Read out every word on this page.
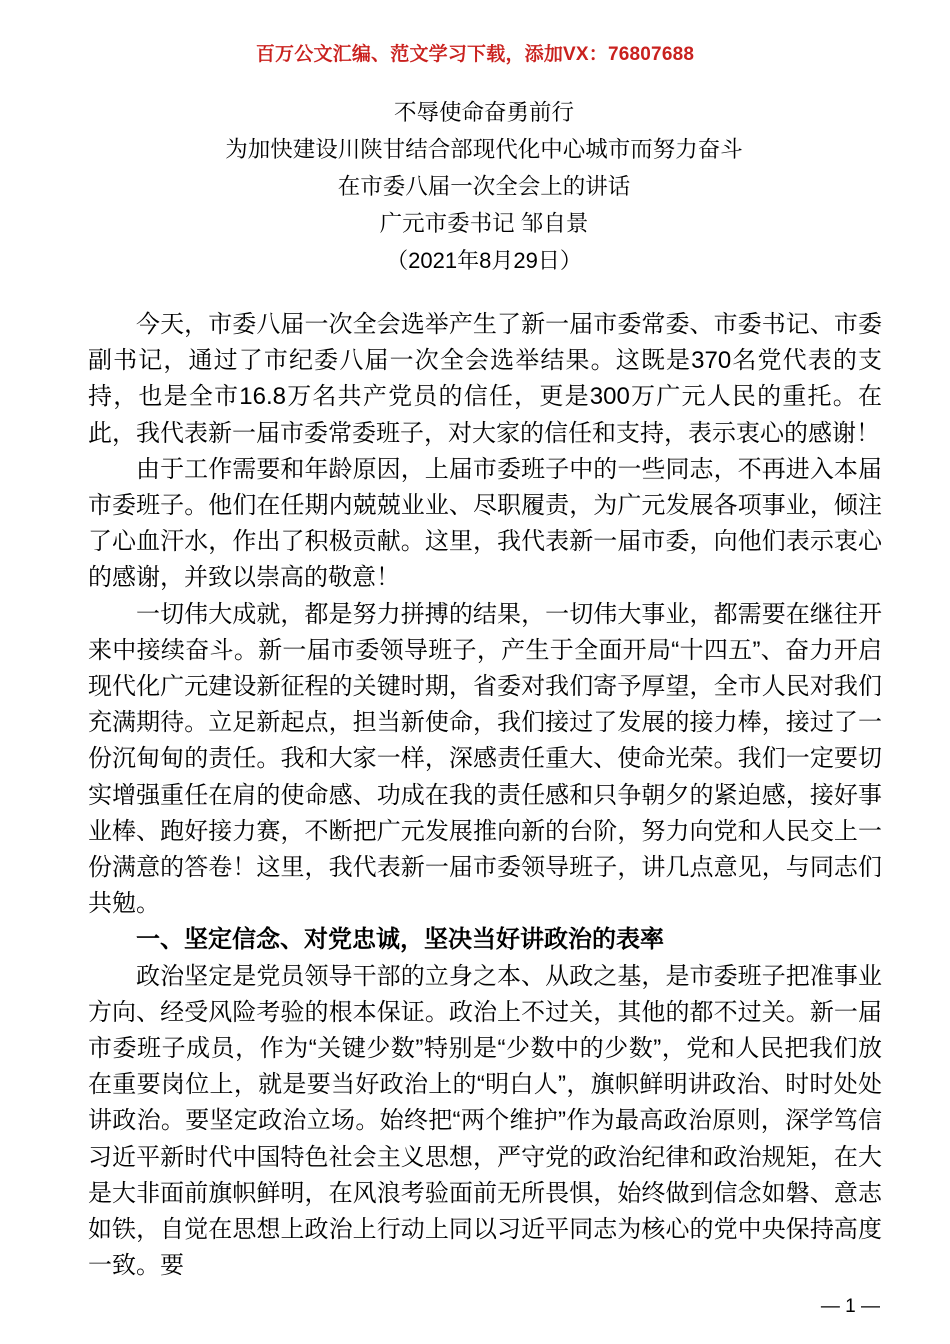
百万公文汇编、范文学习下载，添加VX：76807688
不辱使命奋勇前行
为加快建设川陕甘结合部现代化中心城市而努力奋斗
在市委八届一次全会上的讲话
广元市委书记 邹自景
（2021年8月29日）

今天，市委八届一次全会选举产生了新一届市委常委、市委书记、市委副书记，通过了市纪委八届一次全会选举结果。这既是370名党代表的支持，也是全市16.8万名共产党员的信任，更是300万广元人民的重托。在此，我代表新一届市委常委班子，对大家的信任和支持，表示衷心的感谢！

由于工作需要和年龄原因，上届市委班子中的一些同志，不再进入本届市委班子。他们在任期内兢兢业业、尽职履责，为广元发展各项事业，倾注了心血汗水，作出了积极贡献。这里，我代表新一届市委，向他们表示衷心的感谢，并致以崇高的敬意！

一切伟大成就，都是努力拼搏的结果，一切伟大事业，都需要在继往开来中接续奋斗。新一届市委领导班子，产生于全面开局“十四五”、奋力开启现代化广元建设新征程的关键时期，省委对我们寄予厚望，全市人民对我们充满期待。立足新起点，担当新使命，我们接过了发展的接力棒，接过了一份沉甸甸的责任。我和大家一样，深感责任重大、使命光荣。我们一定要切实增强重任在肩的使命感、功成在我的责任感和只争朝夕的紧迫感，接好事业棒、跑好接力赛，不断把广元发展推向新的台阶，努力向党和人民交上一份满意的答卷！这里，我代表新一届市委领导班子，讲几点意见，与同志们共勉。

一、坚定信念、对党忠诚，坚决当好讲政治的表率

政治坚定是党员领导干部的立身之本、从政之基，是市委班子把准事业方向、经受风险考验的根本保证。政治上不过关，其他的都不过关。新一届市委班子成员，作为“关键少数”特别是“少数中的少数”，党和人民把我们放在重要岗位上，就是要当好政治上的“明白人”，旗帜鲜明讲政治、时时处处讲政治。要坚定政治立场。始终把“两个维护”作为最高政治原则，深学笃信习近平新时代中国特色社会主义思想，严守党的政治纪律和政治规矩，在大是大非面前旗帜鲜明，在风浪考验面前无所畏惧，始终做到信念如磐、意志如铁，自觉在思想上政治上行动上同以习近平同志为核心的党中央保持高度一致。要

— 1 —
